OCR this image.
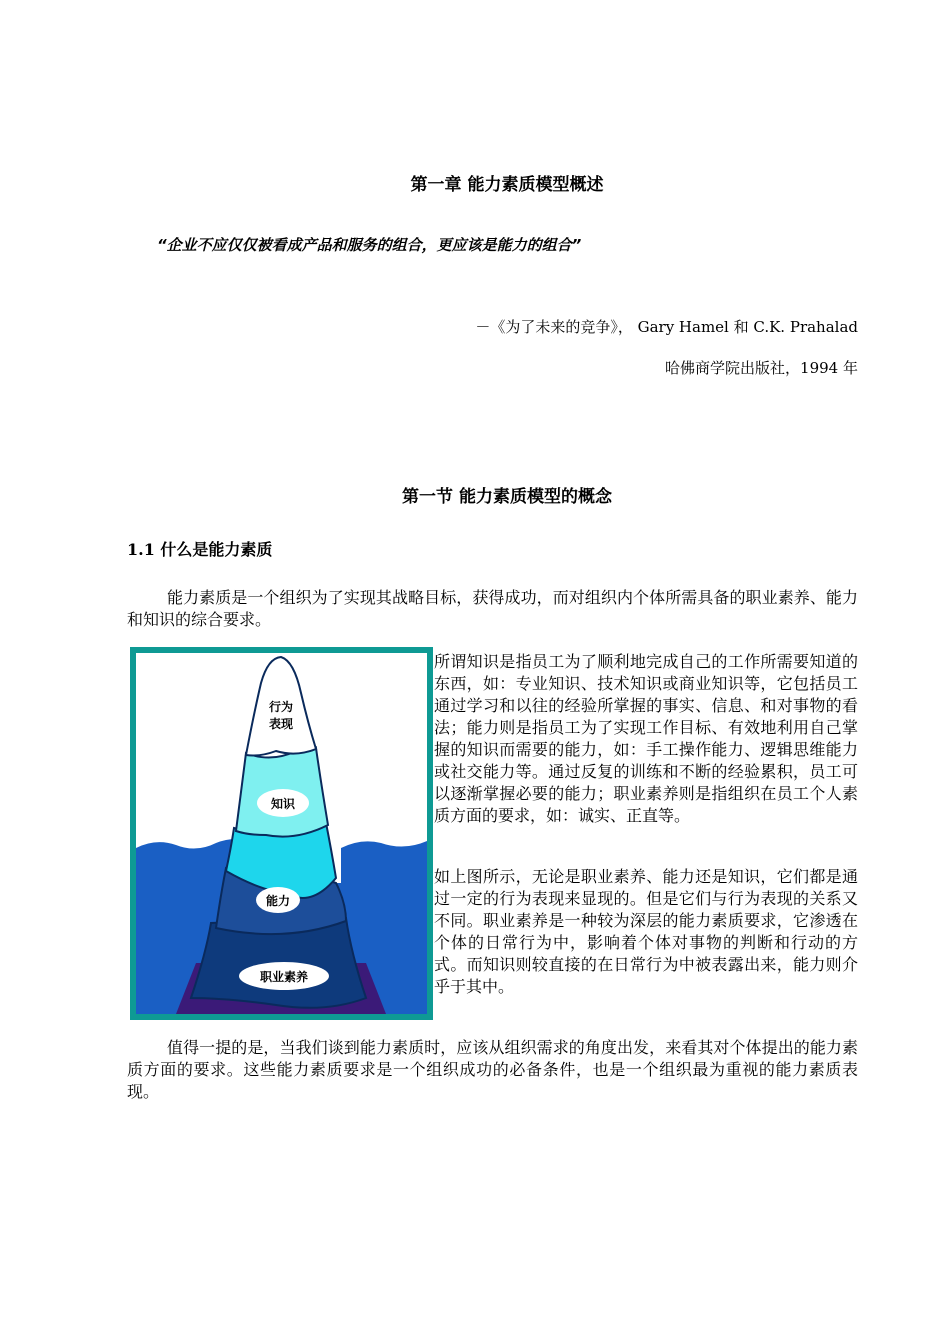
第一章 能力素质模型概述
“企业不应仅仅被看成产品和服务的组合，更应该是能力的组合”
－《为了未来的竞争》， Gary Hamel 和 C.K. Prahalad
哈佛商学院出版社，1994 年
第一节 能力素质模型的概念
1.1 什么是能力素质
能力素质是一个组织为了实现其战略目标，获得成功，而对组织内个体所需具备的职业素养、能力和知识的综合要求。
行为
表现
知识
能力
职业素养
所谓知识是指员工为了顺利地完成自己的工作所需要知道的东西，如：专业知识、技术知识或商业知识等，它包括员工通过学习和以往的经验所掌握的事实、信息、和对事物的看法；能力则是指员工为了实现工作目标、有效地利用自己掌握的知识而需要的能力，如：手工操作能力、逻辑思维能力或社交能力等。通过反复的训练和不断的经验累积，员工可以逐渐掌握必要的能力；职业素养则是指组织在员工个人素质方面的要求，如：诚实、正直等。
如上图所示，无论是职业素养、能力还是知识，它们都是通过一定的行为表现来显现的。但是它们与行为表现的关系又不同。职业素养是一种较为深层的能力素质要求，它渗透在个体的日常行为中，影响着个体对事物的判断和行动的方式。而知识则较直接的在日常行为中被表露出来，能力则介乎于其中。
值得一提的是，当我们谈到能力素质时，应该从组织需求的角度出发，来看其对个体提出的能力素质方面的要求。这些能力素质要求是一个组织成功的必备条件，也是一个组织最为重视的能力素质表现。
